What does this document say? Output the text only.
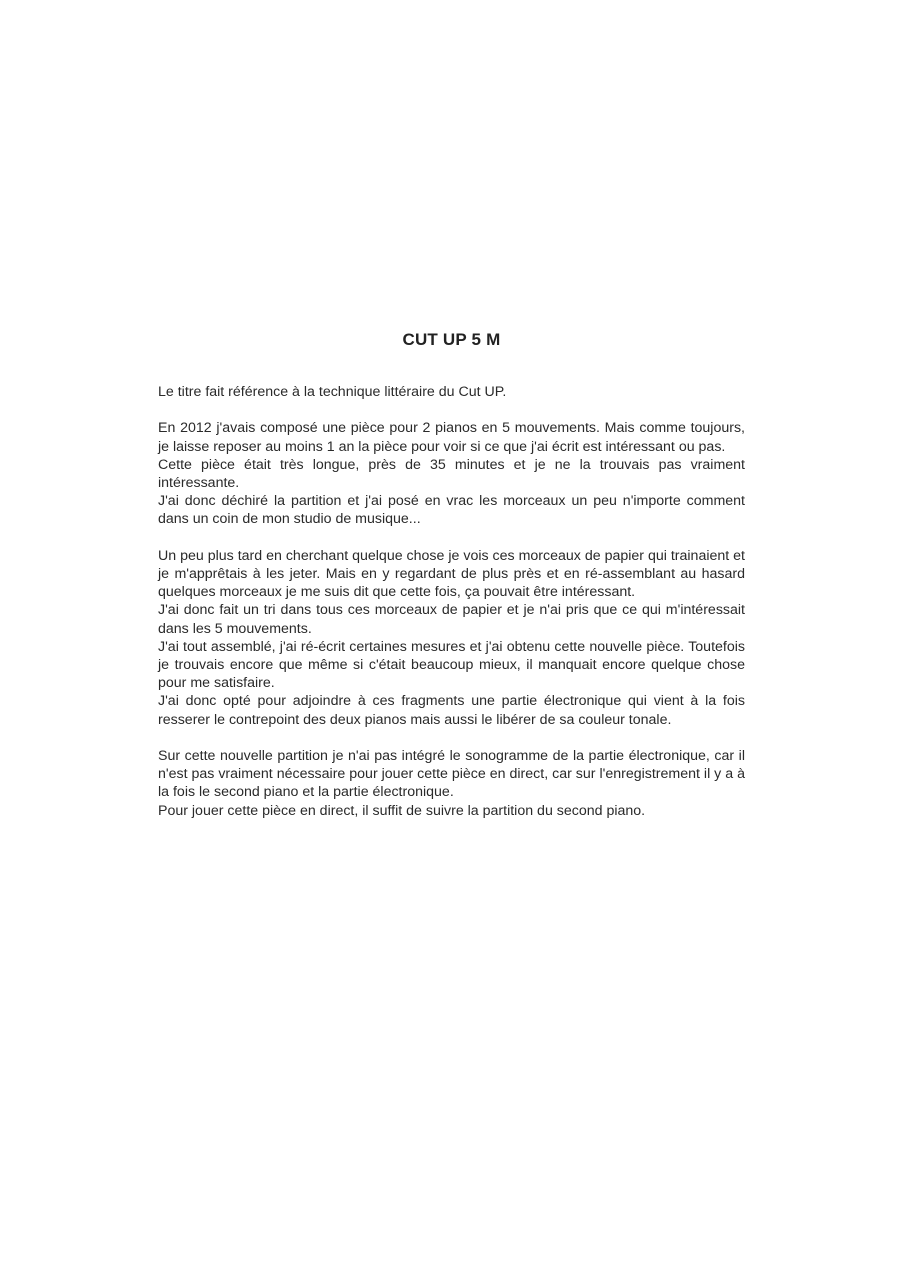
CUT UP 5 M

Le titre fait référence à la technique littéraire du Cut UP.

En 2012 j'avais composé une pièce pour 2 pianos en 5 mouvements. Mais comme toujours, je laisse reposer au moins 1 an la pièce pour voir si ce que j'ai écrit est intéressant ou pas.

Cette pièce était très longue, près de 35 minutes et je ne la trouvais pas vraiment intéressante.

J'ai donc déchiré la partition et j'ai posé en vrac les morceaux un peu n'importe comment dans un coin de mon studio de musique...

Un peu plus tard en cherchant quelque chose je vois ces morceaux de papier qui trainaient et je m'apprêtais à les jeter. Mais en y regardant de plus près et en ré-assemblant au hasard quelques morceaux je me suis dit que cette fois, ça pouvait être intéressant.

J'ai donc fait un tri dans tous ces morceaux de papier et je n'ai pris que ce qui m'intéressait dans les 5 mouvements.

J'ai tout assemblé, j'ai ré-écrit certaines mesures et j'ai obtenu cette nouvelle pièce. Toutefois je trouvais encore que même si c'était beaucoup mieux, il manquait encore quelque chose pour me satisfaire.

J'ai donc opté pour adjoindre à ces fragments une partie électronique qui vient à la fois resserer le contrepoint des deux pianos mais aussi le libérer de sa couleur tonale.

Sur cette nouvelle partition je n'ai pas intégré le sonogramme de la partie électronique, car il n'est pas vraiment nécessaire pour jouer cette pièce en direct, car sur l'enregistrement il y a à la fois le second piano et la partie électronique.

Pour jouer cette pièce en direct, il suffit de suivre la partition du second piano.
